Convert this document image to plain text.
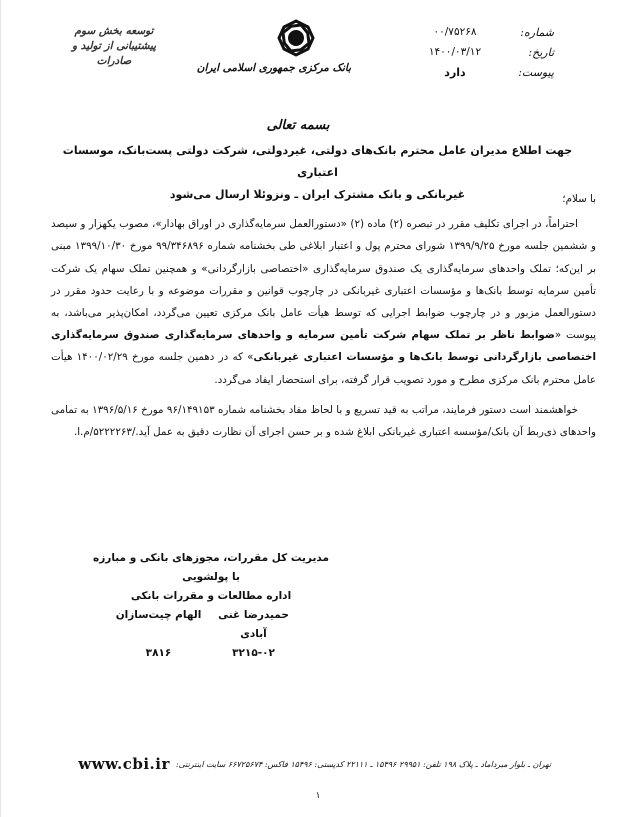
توسعه بخش سوم
پیشتیبانی از تولید و صادرات
بانک مرکزی جمهوری اسلامی ایران
شماره:
۰۰/۷۵۲۶۸
تاریخ:
۱۴۰۰/۰۳/۱۲
پیوست:
دارد
بسمه تعالی
جهت اطلاع مدیران عامل محترم بانک‌های دولتی، غیردولتی، شرکت دولتی پست‌بانک، موسسات اعتباری
غیربانکی و بانک مشترک ایران ـ ونزوئلا ارسال می‌شود	با سلام؛

احتراماً، در اجرای تکلیف مقرر در تبصره (۲) ماده (۲) «دستورالعمل سرمایه‌گذاری در اوراق بهادار»، مصوب یکهزار و سیصد و ششمین جلسه مورخ ۱۳۹۹/۹/۲۵ شورای محترم پول و اعتبار ابلاغی طی بخشنامه شماره ۹۹/۳۴۶۸۹۶ مورخ ۱۳۹۹/۱۰/۳۰ مبنی بر این‌که؛ تملک واحدهای سرمایه‌گذاری یک صندوق سرمایه‌گذاری «اختصاصی بازارگردانی» و همچنین تملک سهام یک شرکت تأمین سرمایه توسط بانک‌ها و مؤسسات اعتباری غیربانکی در چارچوب قوانین و مقررات موضوعه و با رعایت حدود مقرر در دستورالعمل مزبور و در چارچوب ضوابط اجرایی که توسط هیأت عامل بانک مرکزی تعیین می‌گردد، امکان‌پذیر می‌باشد، به پیوست «ضوابط ناظر بر تملک سهام شرکت تأمین سرمایه و واحدهای سرمایه‌گذاری صندوق سرمایه‌گذاری اختصاصی بازارگردانی توسط بانک‌ها و مؤسسات اعتباری غیربانکی» که در دهمین جلسه مورخ ۱۴۰۰/۰۲/۲۹ هیأت عامل محترم بانک مرکزی مطرح و مورد تصویب قرار گرفته، برای استحضار ایفاد می‌گردد.

خواهشمند است دستور فرمایند، مراتب به قید تسریع و با لحاظ مفاد بخشنامه شماره ۹۶/۱۴۹۱۵۳ مورخ ۱۳۹۶/۵/۱۶ به تمامی واحدهای ذی‌ربط آن بانک/مؤسسه اعتباری غیربانکی ابلاغ شده و بر حسن اجرای آن نظارت دقیق به عمل آید./۵۲۲۲۲۶۳/م.ا.

مدیریت کل مقررات، مجوزهای بانکی و مبارزه با پولشویی
اداره مطالعات و مقررات بانکی
حمیدرضا غنی آبادی
الهام چیت‌سازان
۳۲۱۵-۰۲
۳۸۱۶
تهران ـ بلوار میرداماد ـ پلاک ۱۹۸ تلفن: ۲۹۹۵۱ ۱۵۴۹۶ ـ ۲۲۱۱۱ کدپستی: ۱۵۴۹۶ فاکس: ۶۶۷۲۵۶۷۴ سایت اینترنتی:
www.cbi.ir
۱
